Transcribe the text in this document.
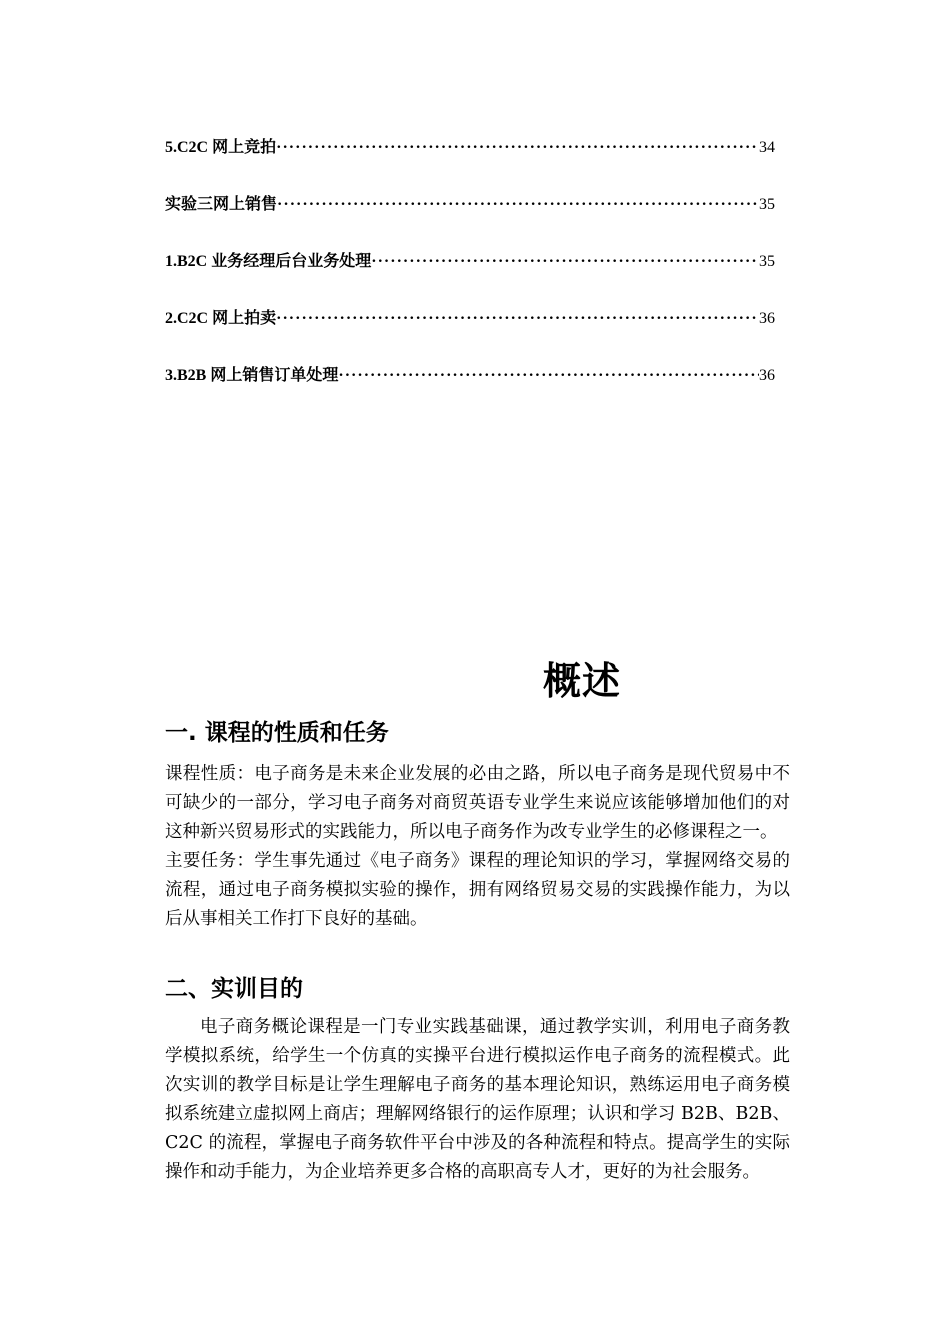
5.C2C 网上竞拍 ·····	34
实验三网上销售 ·····	35
1.B2C 业务经理后台业务处理 ·····	35
2.C2C 网上拍卖 ·····	36
3.B2B 网上销售订单处理 ·····	36
概述
一. 课程的性质和任务

课程性质：电子商务是未来企业发展的必由之路，所以电子商务是现代贸易中不可缺少的一部分，学习电子商务对商贸英语专业学生来说应该能够增加他们的对这种新兴贸易形式的实践能力，所以电子商务作为改专业学生的必修课程之一。

主要任务：学生事先通过《电子商务》课程的理论知识的学习，掌握网络交易的流程，通过电子商务模拟实验的操作，拥有网络贸易交易的实践操作能力，为以后从事相关工作打下良好的基础。

二、实训目的

电子商务概论课程是一门专业实践基础课，通过教学实训，利用电子商务教学模拟系统，给学生一个仿真的实操平台进行模拟运作电子商务的流程模式。此次实训的教学目标是让学生理解电子商务的基本理论知识，熟练运用电子商务模拟系统建立虚拟网上商店；理解网络银行的运作原理；认识和学习 B2B、B2B、C2C 的流程，掌握电子商务软件平台中涉及的各种流程和特点。提高学生的实际操作和动手能力，为企业培养更多合格的高职高专人才，更好的为社会服务。
